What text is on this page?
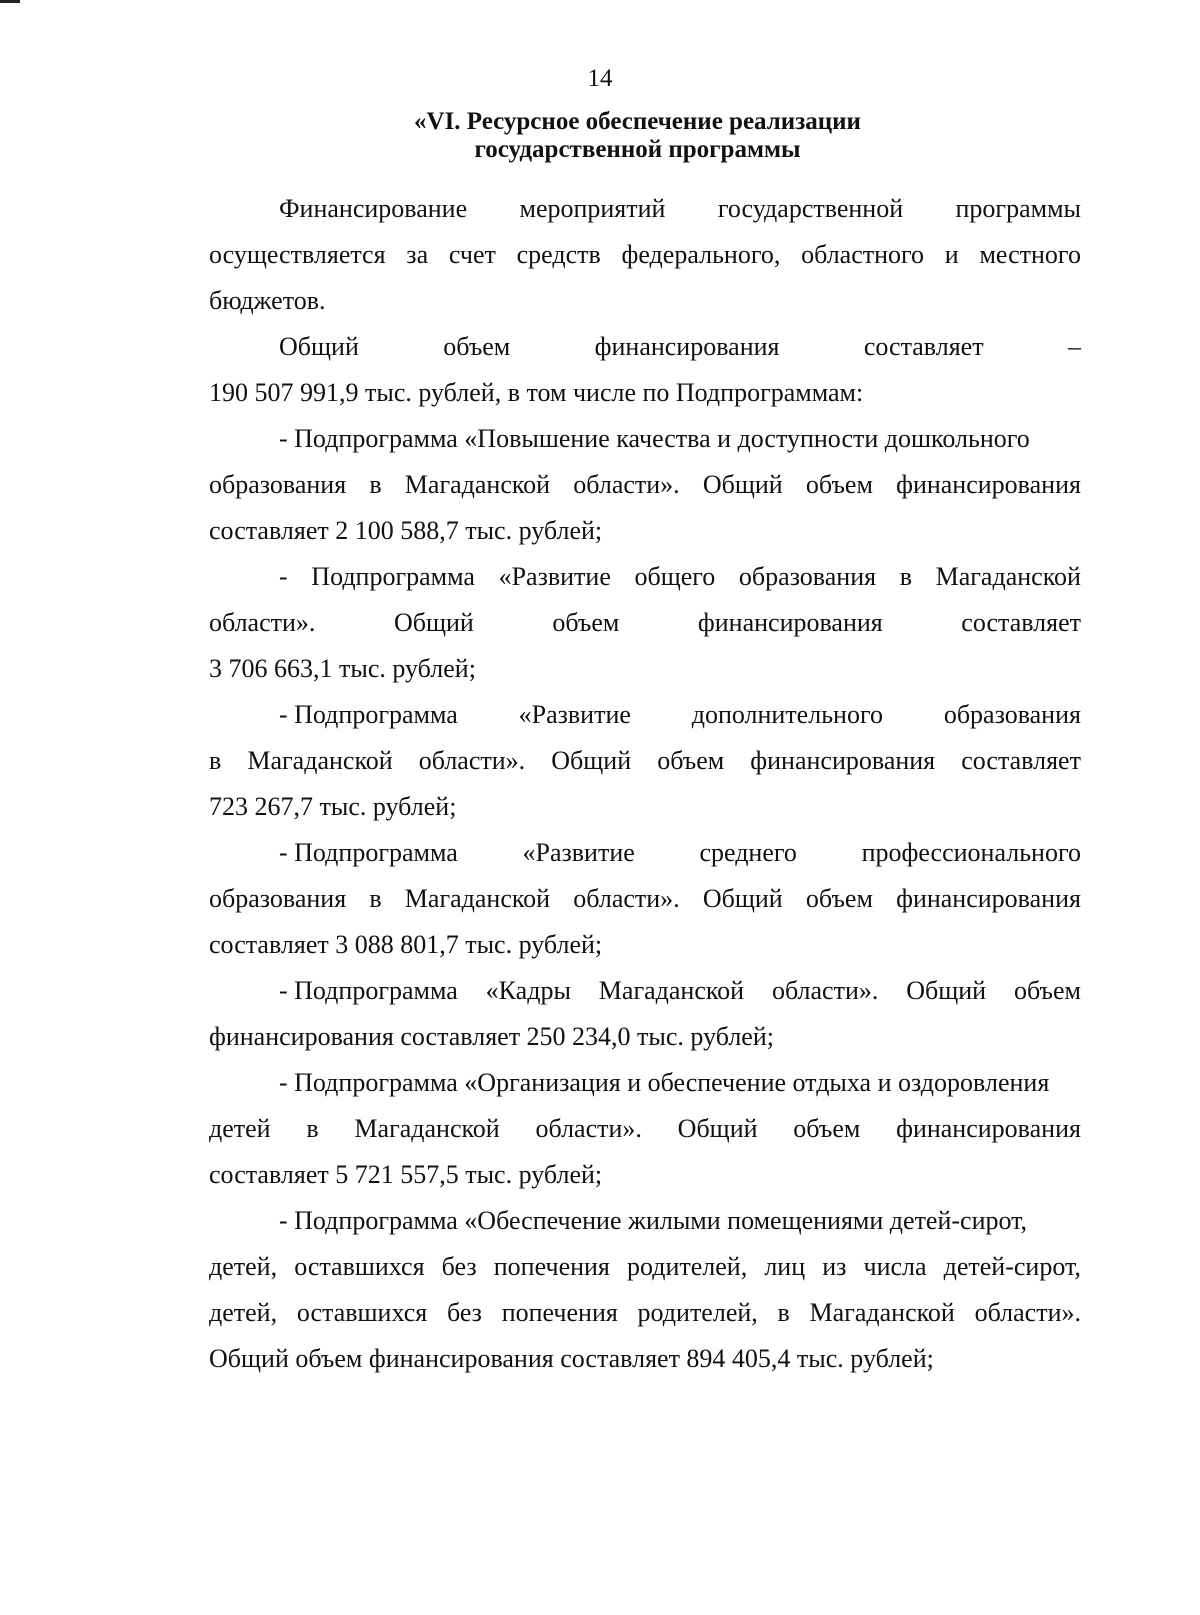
14
«VI. Ресурсное обеспечение реализации
государственной программы
Финансирование мероприятий государственной программы
осуществляется за счет средств федерального, областного и местного
бюджетов.
Общий	объем	финансирования	составляет	–
190 507 991,9 тыс. рублей, в том числе по Подпрограммам:
- Подпрограмма «Повышение качества и доступности дошкольного
образования в Магаданской области». Общий объем финансирования
составляет 2 100 588,7 тыс. рублей;
- Подпрограмма «Развитие общего образования в Магаданской
области».	Общий	объем	финансирования	составляет
3 706 663,1 тыс. рублей;
- Подпрограмма «Развитие дополнительного образования
в Магаданской области». Общий объем финансирования составляет
723 267,7 тыс. рублей;
- Подпрограмма «Развитие среднего профессионального
образования в Магаданской области». Общий объем финансирования
составляет 3 088 801,7 тыс. рублей;
- Подпрограмма «Кадры Магаданской области». Общий объем
финансирования составляет 250 234,0 тыс. рублей;
- Подпрограмма «Организация и обеспечение отдыха и оздоровления
детей в Магаданской области». Общий объем финансирования
составляет 5 721 557,5 тыс. рублей;
- Подпрограмма «Обеспечение жилыми помещениями детей-сирот,
детей, оставшихся без попечения родителей, лиц из числа детей-сирот,
детей, оставшихся без попечения родителей, в Магаданской области».
Общий объем финансирования составляет 894 405,4 тыс. рублей;
